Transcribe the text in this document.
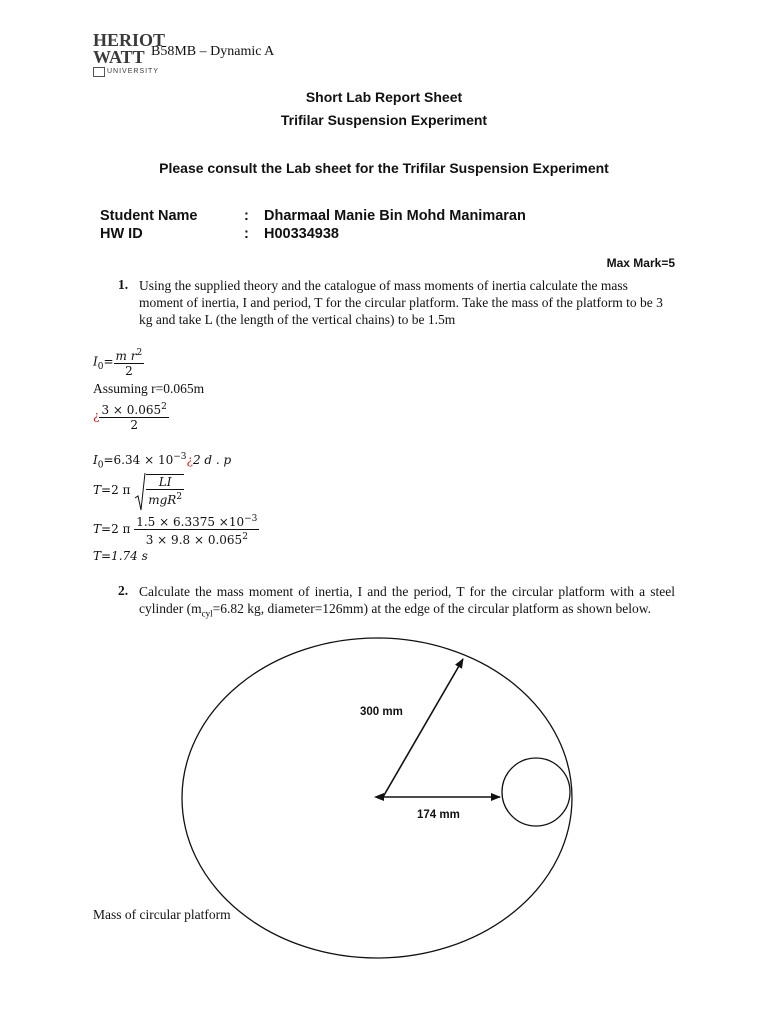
HERIOT
WATT
UNIVERSITY
B58MB – Dynamic A
Short Lab Report Sheet
Trifilar Suspension Experiment
Please consult the Lab sheet for the Trifilar Suspension Experiment
Student Name	: Dharmaal Manie Bin Mohd Manimaran
HW ID	: H00334938
Max Mark=5
1. Using the supplied theory and the catalogue of mass moments of inertia calculate the mass moment of inertia, I and period, T for the circular platform. Take the mass of the platform to be 3 kg and take L (the length of the vertical chains) to be 1.5m
$I_0= \frac{m r^2}{2}$
Assuming r=0.065m
¿ $\frac{3 \times 0.065^2}{2}$
$I_0=6.34$ × $10^{-3}¿2$ d . p
T=2 π $\frac{LI}{mgR^2}$
T=2 π $\frac{1.5 \times 6.3375 \times 10^{-3}}{3 \times 9.8 \times 0.065^2}$
T=1.74 s
2. Calculate the mass moment of inertia, I and the period, T for the circular platform with a steel cylinder ($m_{cyl}=6.82$ kg, diameter=126mm) at the edge of the circular platform as shown below.
300 mm
174 mm
Mass of circular platform
